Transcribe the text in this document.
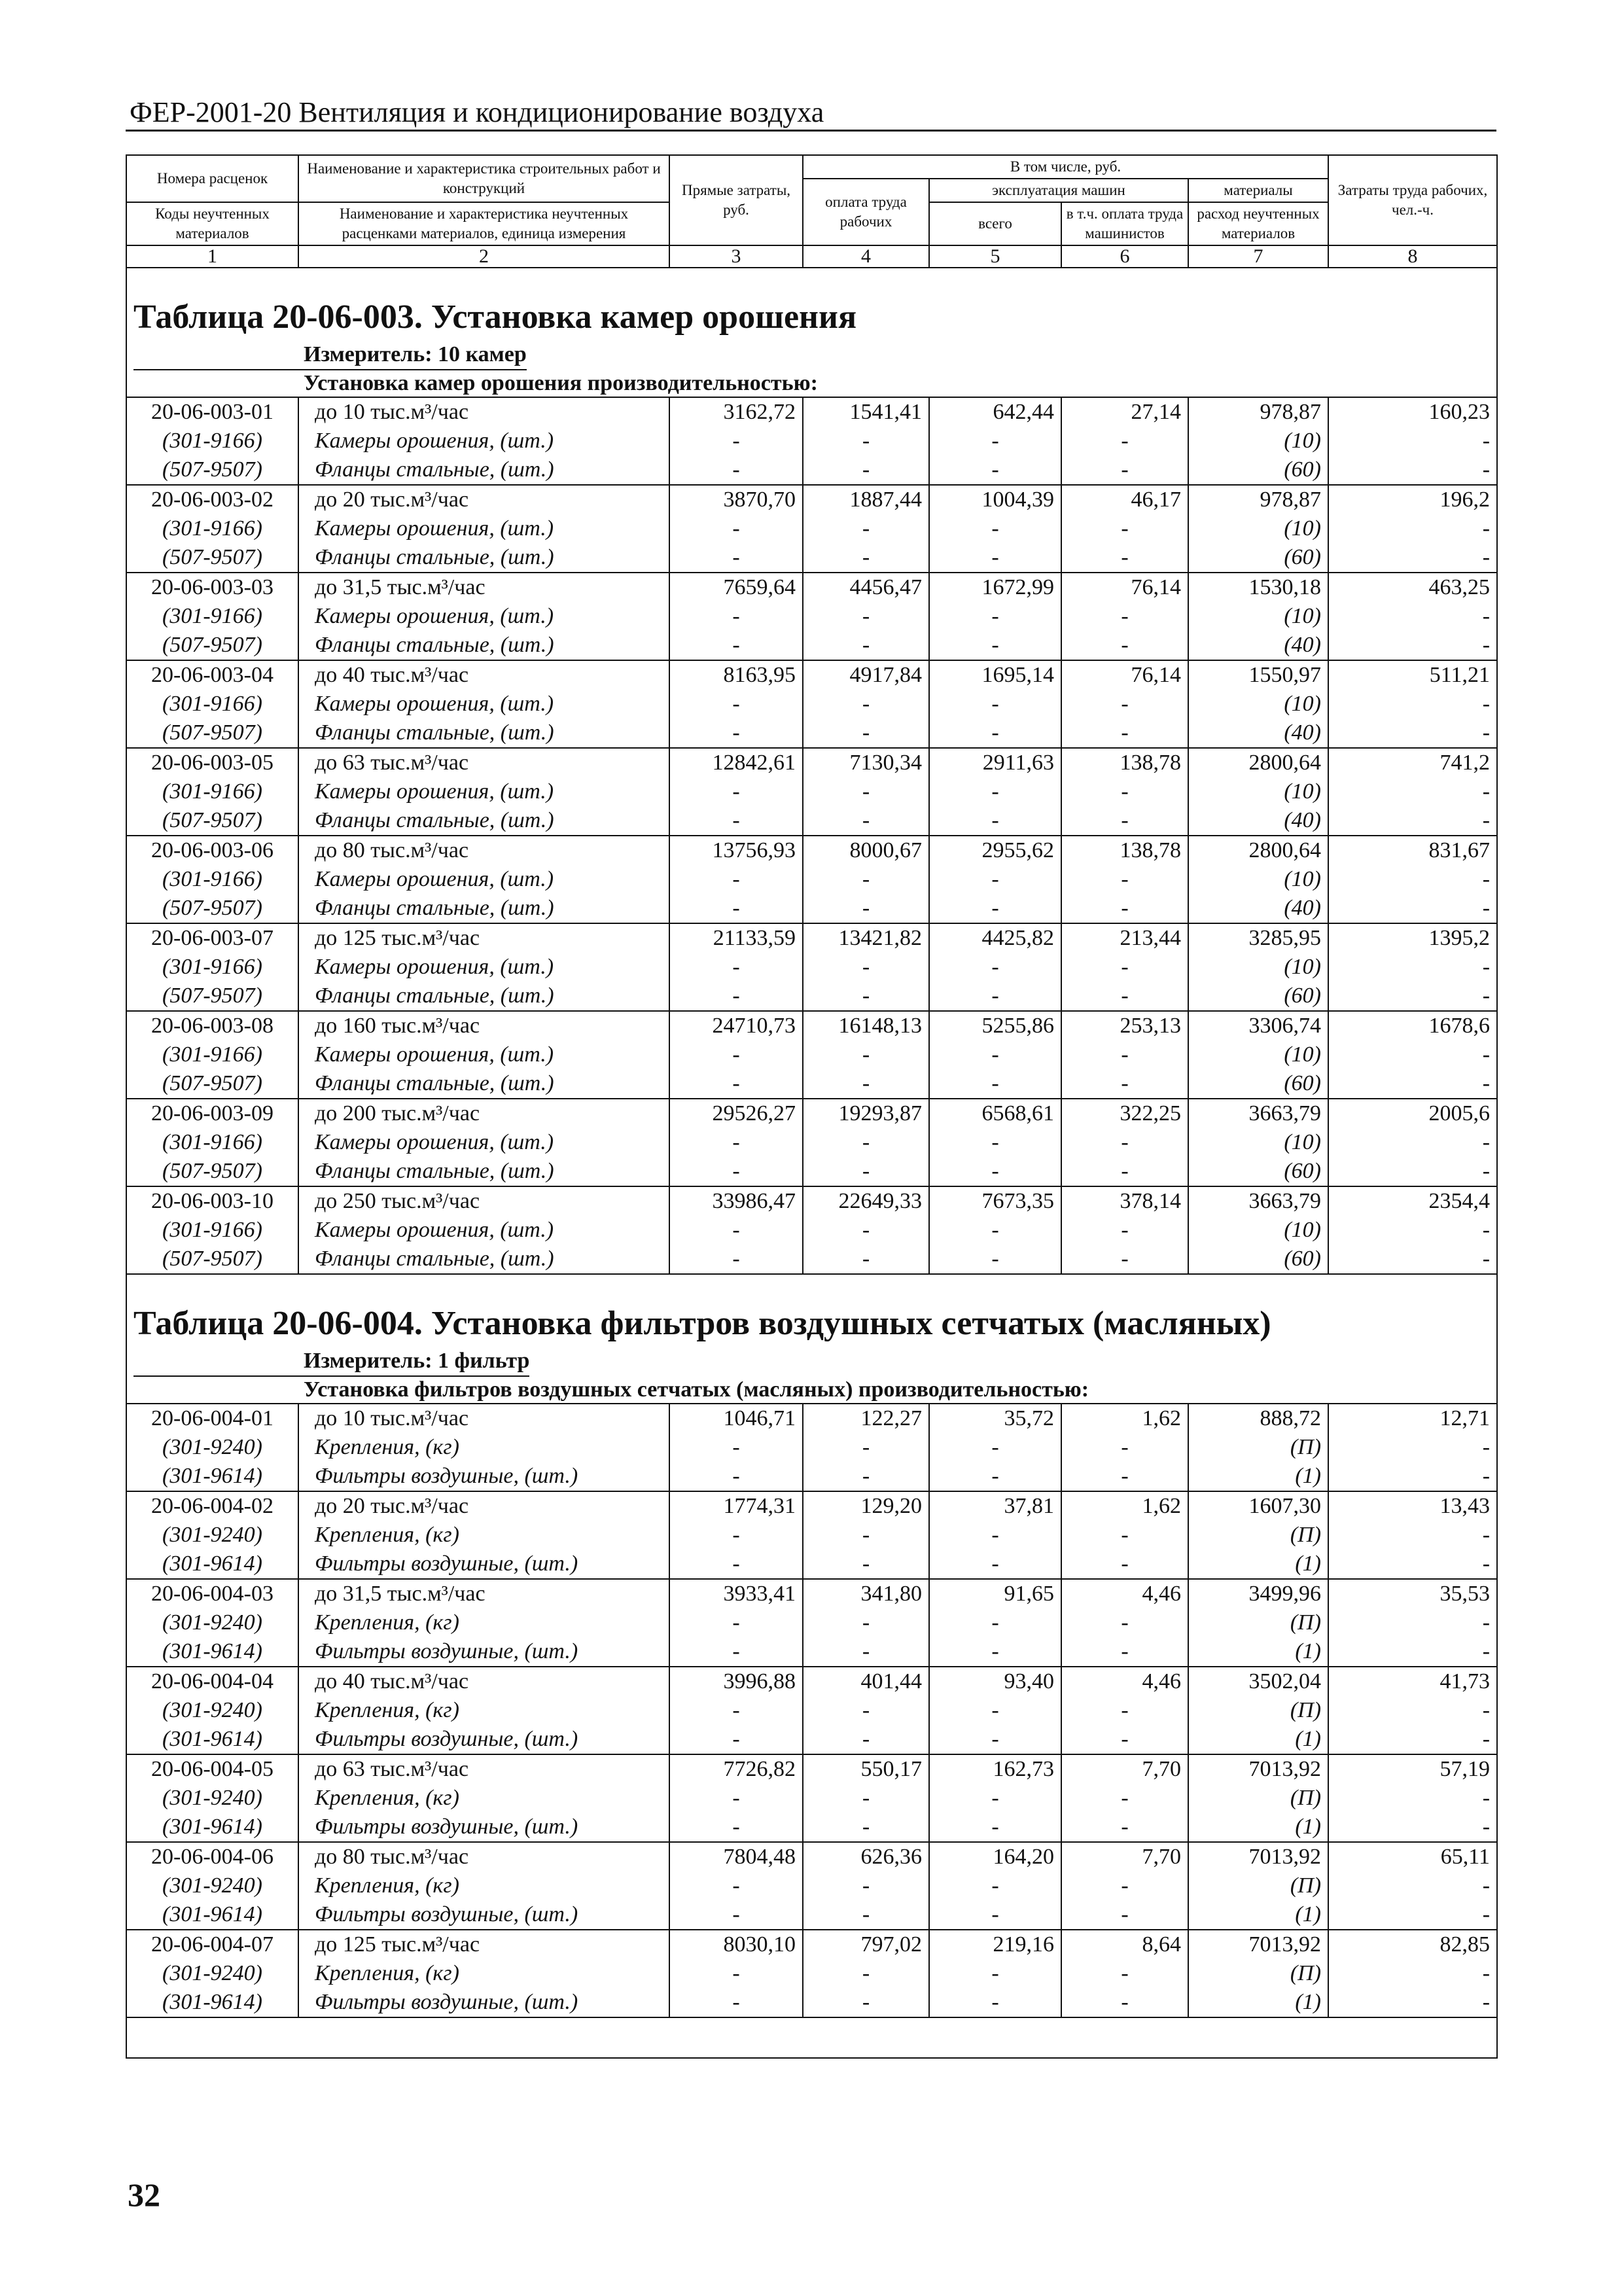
ФЕР-2001-20 Вентиляция и кондиционирование воздуха
Номера расценок	Наименование и характеристика строительных работ и конструкций	Прямые затраты, руб.	В том числе, руб.				Затраты труда рабочих, чел.-ч.
			оплата труда рабочих	эксплуатация машин		материалы	
Коды неучтенных материалов	Наименование и характеристика неучтенных расценками материалов, единица измерения			всего	в т.ч. оплата труда машинистов	расход неучтенных материалов	

1	2	3	4	5	6	7	8

Таблица 20-06-003. Установка камер орошения							
Измеритель: 10 камер							
Установка камер орошения производительностью:							
20-06-003-01	до 10 тыс.м³/час	3162,72	1541,41	642,44	27,14	978,87	160,23
(301-9166)	Камеры орошения, (шт.)	-	-	-	-	(10)	-
(507-9507)	Фланцы стальные, (шт.)	-	-	-	-	(60)	-
20-06-003-02	до 20 тыс.м³/час	3870,70	1887,44	1004,39	46,17	978,87	196,2
(301-9166)	Камеры орошения, (шт.)	-	-	-	-	(10)	-
(507-9507)	Фланцы стальные, (шт.)	-	-	-	-	(60)	-
20-06-003-03	до 31,5 тыс.м³/час	7659,64	4456,47	1672,99	76,14	1530,18	463,25
(301-9166)	Камеры орошения, (шт.)	-	-	-	-	(10)	-
(507-9507)	Фланцы стальные, (шт.)	-	-	-	-	(40)	-
20-06-003-04	до 40 тыс.м³/час	8163,95	4917,84	1695,14	76,14	1550,97	511,21
(301-9166)	Камеры орошения, (шт.)	-	-	-	-	(10)	-
(507-9507)	Фланцы стальные, (шт.)	-	-	-	-	(40)	-
20-06-003-05	до 63 тыс.м³/час	12842,61	7130,34	2911,63	138,78	2800,64	741,2
(301-9166)	Камеры орошения, (шт.)	-	-	-	-	(10)	-
(507-9507)	Фланцы стальные, (шт.)	-	-	-	-	(40)	-
20-06-003-06	до 80 тыс.м³/час	13756,93	8000,67	2955,62	138,78	2800,64	831,67
(301-9166)	Камеры орошения, (шт.)	-	-	-	-	(10)	-
(507-9507)	Фланцы стальные, (шт.)	-	-	-	-	(40)	-
20-06-003-07	до 125 тыс.м³/час	21133,59	13421,82	4425,82	213,44	3285,95	1395,2
(301-9166)	Камеры орошения, (шт.)	-	-	-	-	(10)	-
(507-9507)	Фланцы стальные, (шт.)	-	-	-	-	(60)	-
20-06-003-08	до 160 тыс.м³/час	24710,73	16148,13	5255,86	253,13	3306,74	1678,6
(301-9166)	Камеры орошения, (шт.)	-	-	-	-	(10)	-
(507-9507)	Фланцы стальные, (шт.)	-	-	-	-	(60)	-
20-06-003-09	до 200 тыс.м³/час	29526,27	19293,87	6568,61	322,25	3663,79	2005,6
(301-9166)	Камеры орошения, (шт.)	-	-	-	-	(10)	-
(507-9507)	Фланцы стальные, (шт.)	-	-	-	-	(60)	-
20-06-003-10	до 250 тыс.м³/час	33986,47	22649,33	7673,35	378,14	3663,79	2354,4
(301-9166)	Камеры орошения, (шт.)	-	-	-	-	(10)	-
(507-9507)	Фланцы стальные, (шт.)	-	-	-	-	(60)	-

Таблица 20-06-004. Установка фильтров воздушных сетчатых (масляных)							
Измеритель: 1 фильтр							
Установка фильтров воздушных сетчатых (масляных) производительностью:							
20-06-004-01	до 10 тыс.м³/час	1046,71	122,27	35,72	1,62	888,72	12,71
(301-9240)	Крепления, (кг)	-	-	-	-	(П)	-
(301-9614)	Фильтры воздушные, (шт.)	-	-	-	-	(1)	-
20-06-004-02	до 20 тыс.м³/час	1774,31	129,20	37,81	1,62	1607,30	13,43
(301-9240)	Крепления, (кг)	-	-	-	-	(П)	-
(301-9614)	Фильтры воздушные, (шт.)	-	-	-	-	(1)	-
20-06-004-03	до 31,5 тыс.м³/час	3933,41	341,80	91,65	4,46	3499,96	35,53
(301-9240)	Крепления, (кг)	-	-	-	-	(П)	-
(301-9614)	Фильтры воздушные, (шт.)	-	-	-	-	(1)	-
20-06-004-04	до 40 тыс.м³/час	3996,88	401,44	93,40	4,46	3502,04	41,73
(301-9240)	Крепления, (кг)	-	-	-	-	(П)	-
(301-9614)	Фильтры воздушные, (шт.)	-	-	-	-	(1)	-
20-06-004-05	до 63 тыс.м³/час	7726,82	550,17	162,73	7,70	7013,92	57,19
(301-9240)	Крепления, (кг)	-	-	-	-	(П)	-
(301-9614)	Фильтры воздушные, (шт.)	-	-	-	-	(1)	-
20-06-004-06	до 80 тыс.м³/час	7804,48	626,36	164,20	7,70	7013,92	65,11
(301-9240)	Крепления, (кг)	-	-	-	-	(П)	-
(301-9614)	Фильтры воздушные, (шт.)	-	-	-	-	(1)	-
20-06-004-07	до 125 тыс.м³/час	8030,10	797,02	219,16	8,64	7013,92	82,85
(301-9240)	Крепления, (кг)	-	-	-	-	(П)	-
(301-9614)	Фильтры воздушные, (шт.)	-	-	-	-	(1)	-

32
